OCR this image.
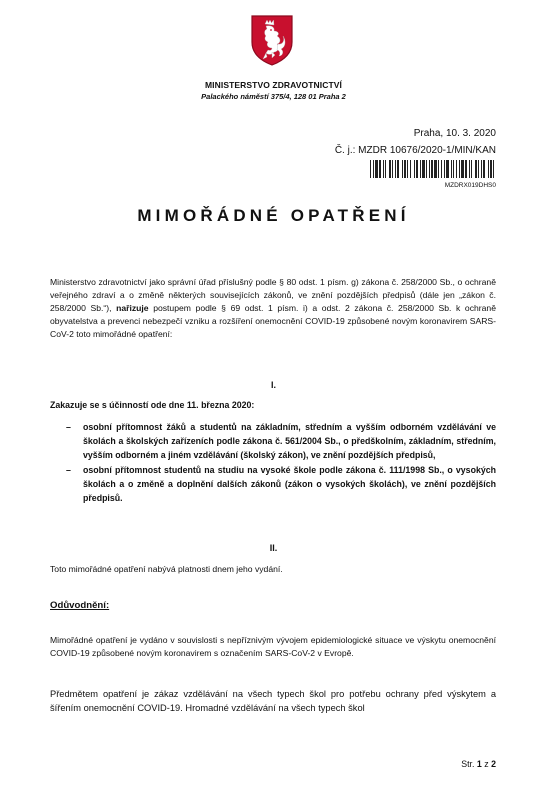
MINISTERSTVO ZDRAVOTNICTVÍ
Palackého náměstí 375/4, 128 01 Praha 2
Praha, 10. 3. 2020
Č. j.: MZDR 10676/2020-1/MIN/KAN
MZDRX019DHS0
MIMOŘÁDNÉ OPATŘENÍ
Ministerstvo zdravotnictví jako správní úřad příslušný podle § 80 odst. 1 písm. g) zákona č. 258/2000 Sb., o ochraně veřejného zdraví a o změně některých souvisejících zákonů, ve znění pozdějších předpisů (dále jen „zákon č. 258/2000 Sb.“), nařizuje postupem podle § 69 odst. 1 písm. i) a odst. 2 zákona č. 258/2000 Sb. k ochraně obyvatelstva a prevenci nebezpečí vzniku a rozšíření onemocnění COVID-19 způsobené novým koronavirem SARS-CoV-2 toto mimořádné opatření:
I.
Zakazuje se s účinností ode dne 11. března 2020:
– osobní přítomnost žáků a studentů na základním, středním a vyšším odborném vzdělávání ve školách a školských zařízeních podle zákona č. 561/2004 Sb., o předškolním, základním, středním, vyšším odborném a jiném vzdělávání (školský zákon), ve znění pozdějších předpisů,
– osobní přítomnost studentů na studiu na vysoké škole podle zákona č. 111/1998 Sb., o vysokých školách a o změně a doplnění dalších zákonů (zákon o vysokých školách), ve znění pozdějších předpisů.
II.
Toto mimořádné opatření nabývá platnosti dnem jeho vydání.
Odůvodnění:
Mimořádné opatření je vydáno v souvislosti s nepříznivým vývojem epidemiologické situace ve výskytu onemocnění COVID-19 způsobené novým koronavirem s označením SARS-CoV-2 v Evropě.
Předmětem opatření je zákaz vzdělávání na všech typech škol pro potřebu ochrany před výskytem a šířením onemocnění COVID-19. Hromadné vzdělávání na všech typech škol
Str. 1 z 2
